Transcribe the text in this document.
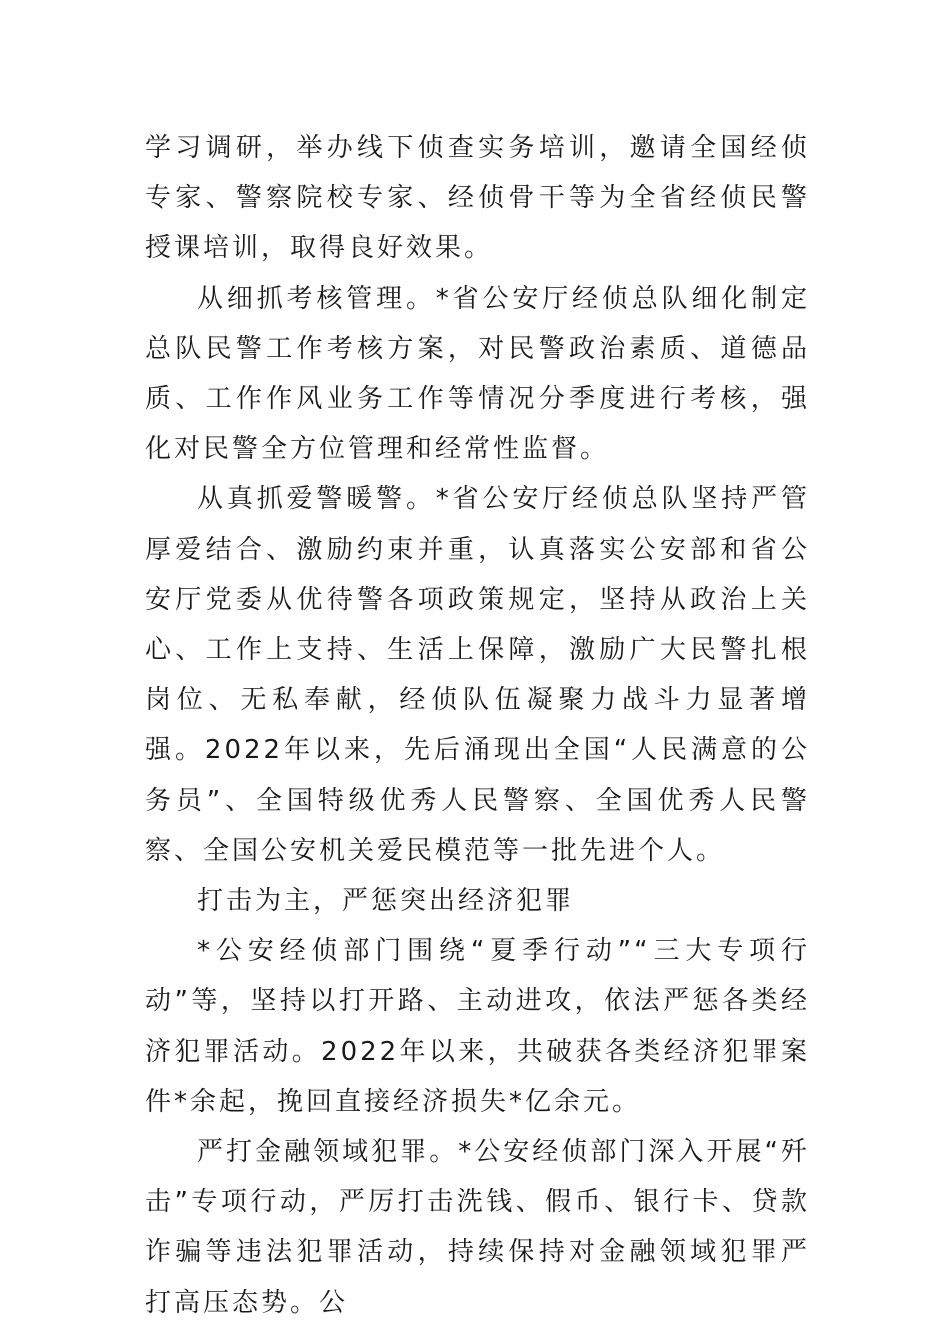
学习调研，举办线下侦查实务培训，邀请全国经侦专家、警察院校专家、经侦骨干等为全省经侦民警授课培训，取得良好效果。

从细抓考核管理。*省公安厅经侦总队细化制定总队民警工作考核方案，对民警政治素质、道德品质、工作作风业务工作等情况分季度进行考核，强化对民警全方位管理和经常性监督。

从真抓爱警暖警。*省公安厅经侦总队坚持严管厚爱结合、激励约束并重，认真落实公安部和省公安厅党委从优待警各项政策规定，坚持从政治上关心、工作上支持、生活上保障，激励广大民警扎根岗位、无私奉献，经侦队伍凝聚力战斗力显著增强。2022年以来，先后涌现出全国“人民满意的公务员”、全国特级优秀人民警察、全国优秀人民警察、全国公安机关爱民模范等一批先进个人。

打击为主，严惩突出经济犯罪

*公安经侦部门围绕“夏季行动”“三大专项行动”等，坚持以打开路、主动进攻，依法严惩各类经济犯罪活动。2022年以来，共破获各类经济犯罪案件*余起，挽回直接经济损失*亿余元。

严打金融领域犯罪。*公安经侦部门深入开展“歼击”专项行动，严厉打击洗钱、假币、银行卡、贷款诈骗等违法犯罪活动，持续保持对金融领域犯罪严打高压态势。公
